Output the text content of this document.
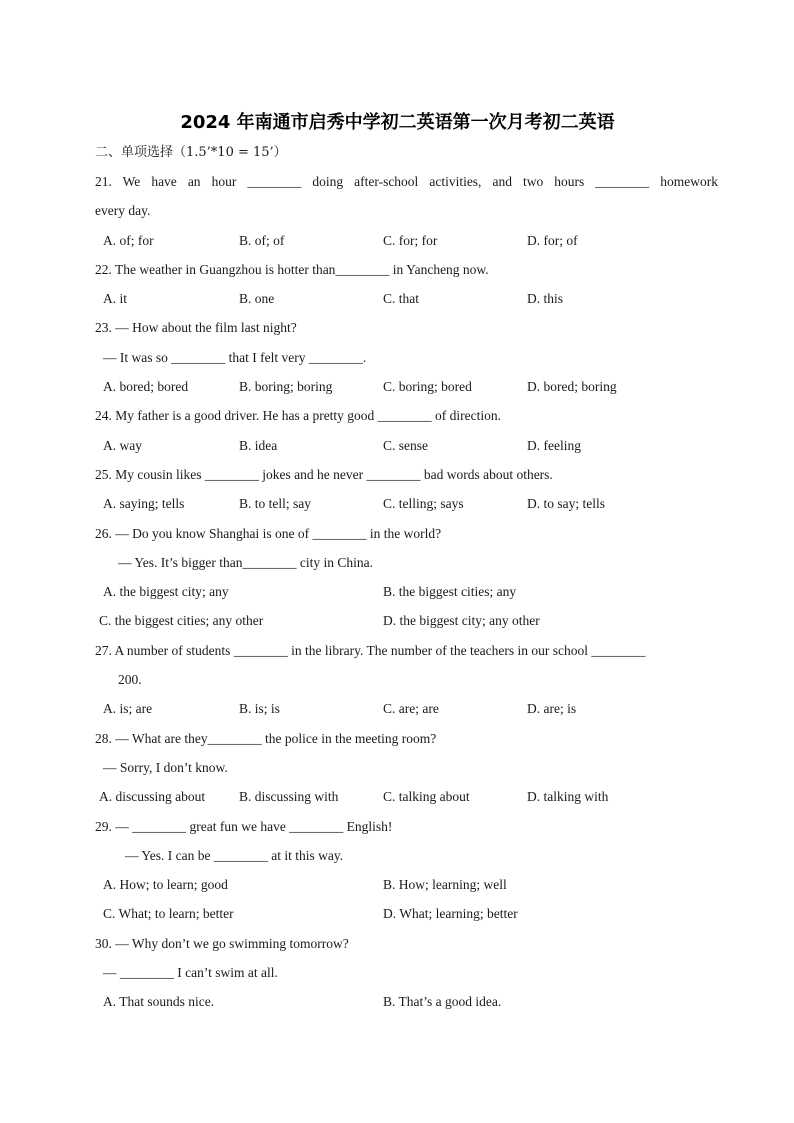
2024 年南通市启秀中学初二英语第一次月考初二英语
二、单项选择（1.5’*10 = 15’）
21. We have an hour ________ doing after-school activities, and two hours ________ homework
every day.
A. of; for	B. of; of	C. for; for	D. for; of
22. The weather in Guangzhou is hotter than________ in Yancheng now.
A. it	B. one	C. that	D. this
23. — How about the film last night?
— It was so ________ that I felt very ________.
A. bored; bored	B. boring; boring	C. boring; bored	D. bored; boring
24. My father is a good driver. He has a pretty good ________ of direction.
A. way	B. idea	C. sense	D. feeling
25. My cousin likes ________ jokes and he never ________ bad words about others.
A. saying; tells	B. to tell; say	C. telling; says	D. to say; tells
26. — Do you know Shanghai is one of ________ in the world?
— Yes. It’s bigger than________ city in China.
A. the biggest city; any	B. the biggest cities; any
C. the biggest cities; any other	D. the biggest city; any other
27. A number of students ________ in the library. The number of the teachers in our school ________
200.
A. is; are	B. is; is	C. are; are	D. are; is
28. — What are they________ the police in the meeting room?
— Sorry, I don’t know.
A. discussing about	B. discussing with	C. talking about	D. talking with
29. — ________ great fun we have ________ English!
— Yes. I can be ________ at it this way.
A. How; to learn; good	B. How; learning; well
C. What; to learn; better	D. What; learning; better
30. — Why don’t we go swimming tomorrow?
— ________ I can’t swim at all.
A. That sounds nice.	B. That’s a good idea.
